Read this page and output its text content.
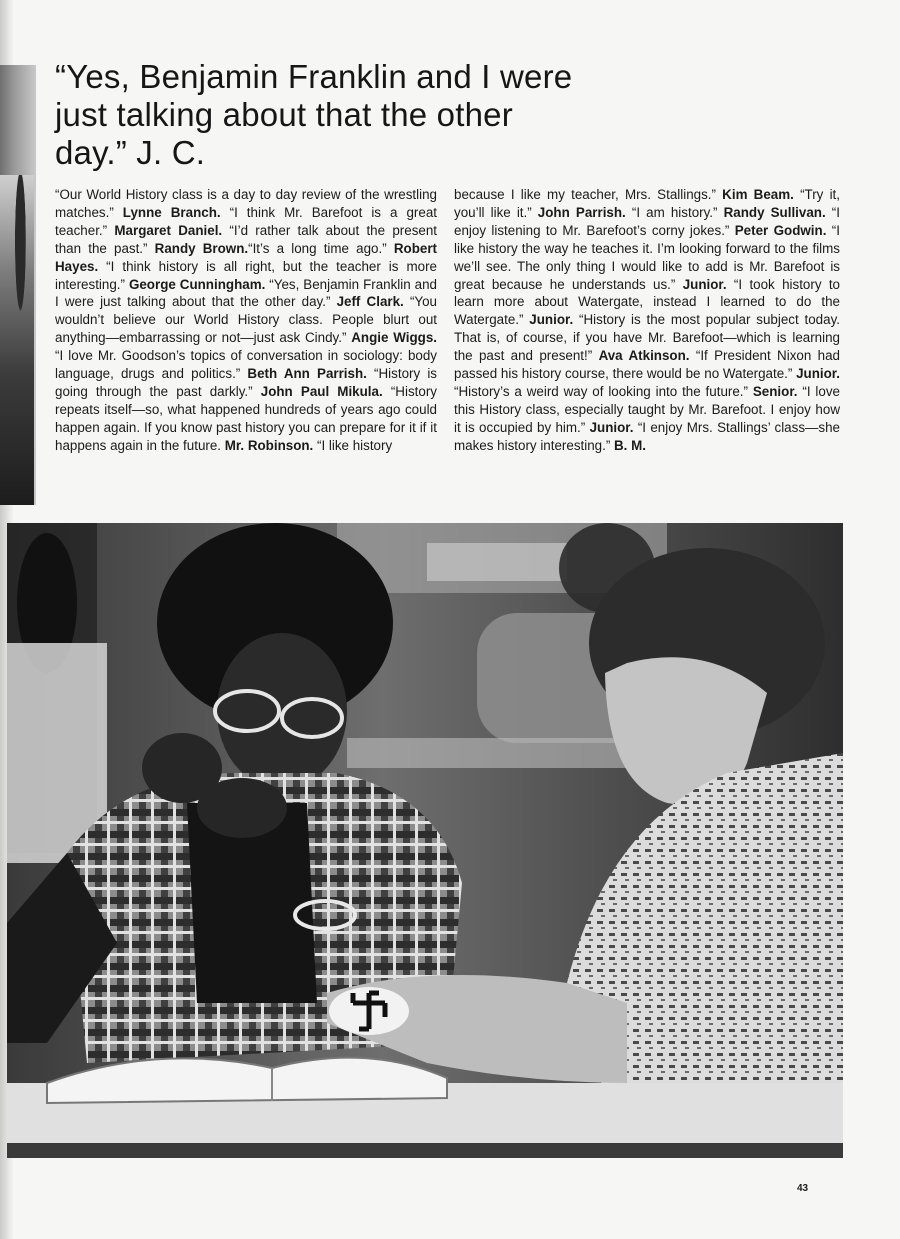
“Yes, Benjamin Franklin and I were just talking about that the other day.” J. C.

“Our World History class is a day to day review of the wrestling matches.” Lynne Branch. “I think Mr. Barefoot is a great teacher.” Margaret Daniel. “I’d rather talk about the present than the past.” Randy Brown.“It’s a long time ago.” Robert Hayes. “I think history is all right, but the teacher is more interesting.” George Cunningham. “Yes, Benjamin Franklin and I were just talking about that the other day.” Jeff Clark. “You wouldn’t believe our World History class. People blurt out anything—embarrassing or not—just ask Cindy.” Angie Wiggs. “I love Mr. Goodson’s topics of conversation in sociology: body language, drugs and politics.” Beth Ann Parrish. “History is going through the past darkly.” John Paul Mikula. “History repeats itself—so, what happened hundreds of years ago could happen again. If you know past history you can prepare for it if it happens again in the future. Mr. Robinson. “I like history

because I like my teacher, Mrs. Stallings.” Kim Beam. “Try it, you’ll like it.” John Parrish. “I am history.” Randy Sullivan. “I enjoy listening to Mr. Barefoot’s corny jokes.” Peter Godwin. “I like history the way he teaches it. I’m looking forward to the films we’ll see. The only thing I would like to add is Mr. Barefoot is great because he understands us.” Junior. “I took history to learn more about Watergate, instead I learned to do the Watergate.” Junior. “History is the most popular subject today. That is, of course, if you have Mr. Barefoot—which is learning the past and present!” Ava Atkinson. “If President Nixon had passed his history course, there would be no Watergate.” Junior. “History’s a weird way of looking into the future.” Senior. “I love this History class, especially taught by Mr. Barefoot. I enjoy how it is occupied by him.” Junior. “I enjoy Mrs. Stallings’ class—she makes history interesting.” B. M.

43
